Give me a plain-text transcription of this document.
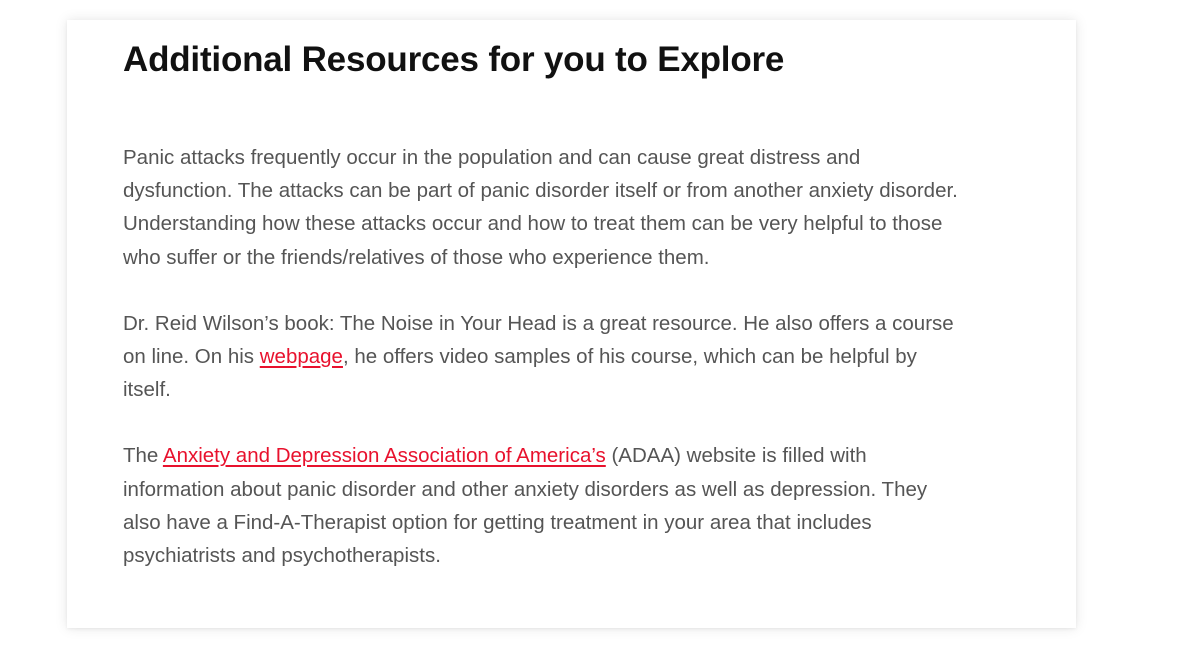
Additional Resources for you to Explore

Panic attacks frequently occur in the population and can cause great distress and dysfunction. The attacks can be part of panic disorder itself or from another anxiety disorder. Understanding how these attacks occur and how to treat them can be very helpful to those who suffer or the friends/relatives of those who experience them.

Dr. Reid Wilson’s book: The Noise in Your Head is a great resource. He also offers a course on line. On his webpage, he offers video samples of his course, which can be helpful by itself.

The Anxiety and Depression Association of America’s (ADAA) website is filled with information about panic disorder and other anxiety disorders as well as depression. They also have a Find-A-Therapist option for getting treatment in your area that includes psychiatrists and psychotherapists.
